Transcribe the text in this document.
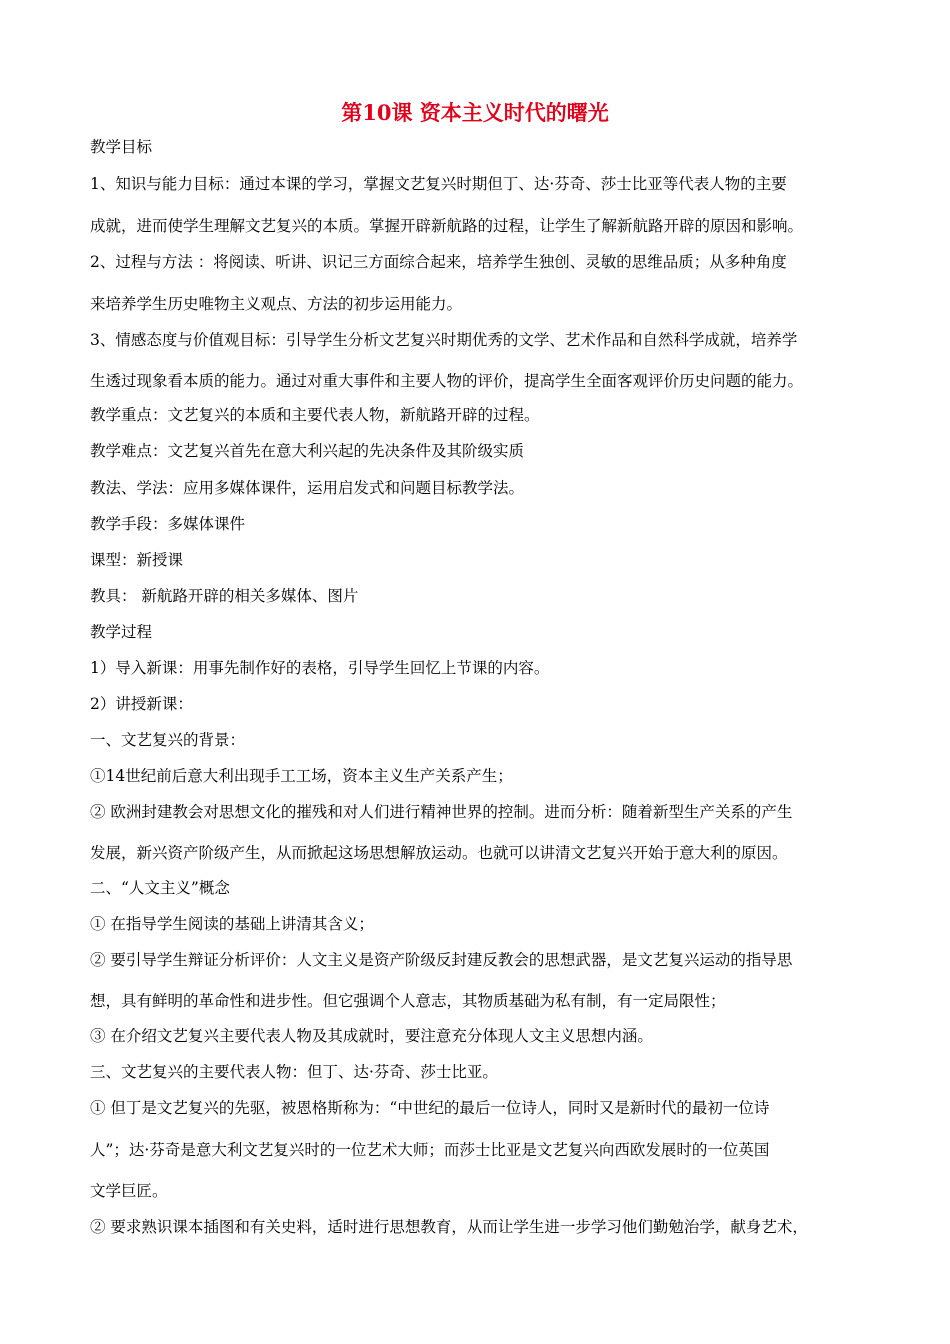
第10课 资本主义时代的曙光
教学目标
1、知识与能力目标：通过本课的学习，掌握文艺复兴时期但丁、达·芬奇、莎士比亚等代表人物的主要
成就，进而使学生理解文艺复兴的本质。掌握开辟新航路的过程，让学生了解新航路开辟的原因和影响。
2、过程与方法 ：将阅读、听讲、识记三方面综合起来，培养学生独创、灵敏的思维品质；从多种角度
来培养学生历史唯物主义观点、方法的初步运用能力。
3、情感态度与价值观目标：引导学生分析文艺复兴时期优秀的文学、艺术作品和自然科学成就，培养学
生透过现象看本质的能力。通过对重大事件和主要人物的评价，提高学生全面客观评价历史问题的能力。
教学重点：文艺复兴的本质和主要代表人物，新航路开辟的过程。
教学难点：文艺复兴首先在意大利兴起的先决条件及其阶级实质
教法、学法：应用多媒体课件，运用启发式和问题目标教学法。
教学手段：多媒体课件
课型：新授课
教具： 新航路开辟的相关多媒体、图片
教学过程
1）导入新课：用事先制作好的表格，引导学生回忆上节课的内容。
2）讲授新课：
一、文艺复兴的背景：
①14世纪前后意大利出现手工工场，资本主义生产关系产生；
② 欧洲封建教会对思想文化的摧残和对人们进行精神世界的控制。进而分析：随着新型生产关系的产生
发展，新兴资产阶级产生，从而掀起这场思想解放运动。也就可以讲清文艺复兴开始于意大利的原因。
二、“人文主义”概念
① 在指导学生阅读的基础上讲清其含义；
② 要引导学生辩证分析评价：人文主义是资产阶级反封建反教会的思想武器，是文艺复兴运动的指导思
想，具有鲜明的革命性和进步性。但它强调个人意志，其物质基础为私有制，有一定局限性；
③ 在介绍文艺复兴主要代表人物及其成就时，要注意充分体现人文主义思想内涵。
三、文艺复兴的主要代表人物：但丁、达·芬奇、莎士比亚。
① 但丁是文艺复兴的先驱，被恩格斯称为：“中世纪的最后一位诗人，同时又是新时代的最初一位诗
人”；达·芬奇是意大利文艺复兴时的一位艺术大师；而莎士比亚是文艺复兴向西欧发展时的一位英国
文学巨匠。
② 要求熟识课本插图和有关史料，适时进行思想教育，从而让学生进一步学习他们勤勉治学，献身艺术，
